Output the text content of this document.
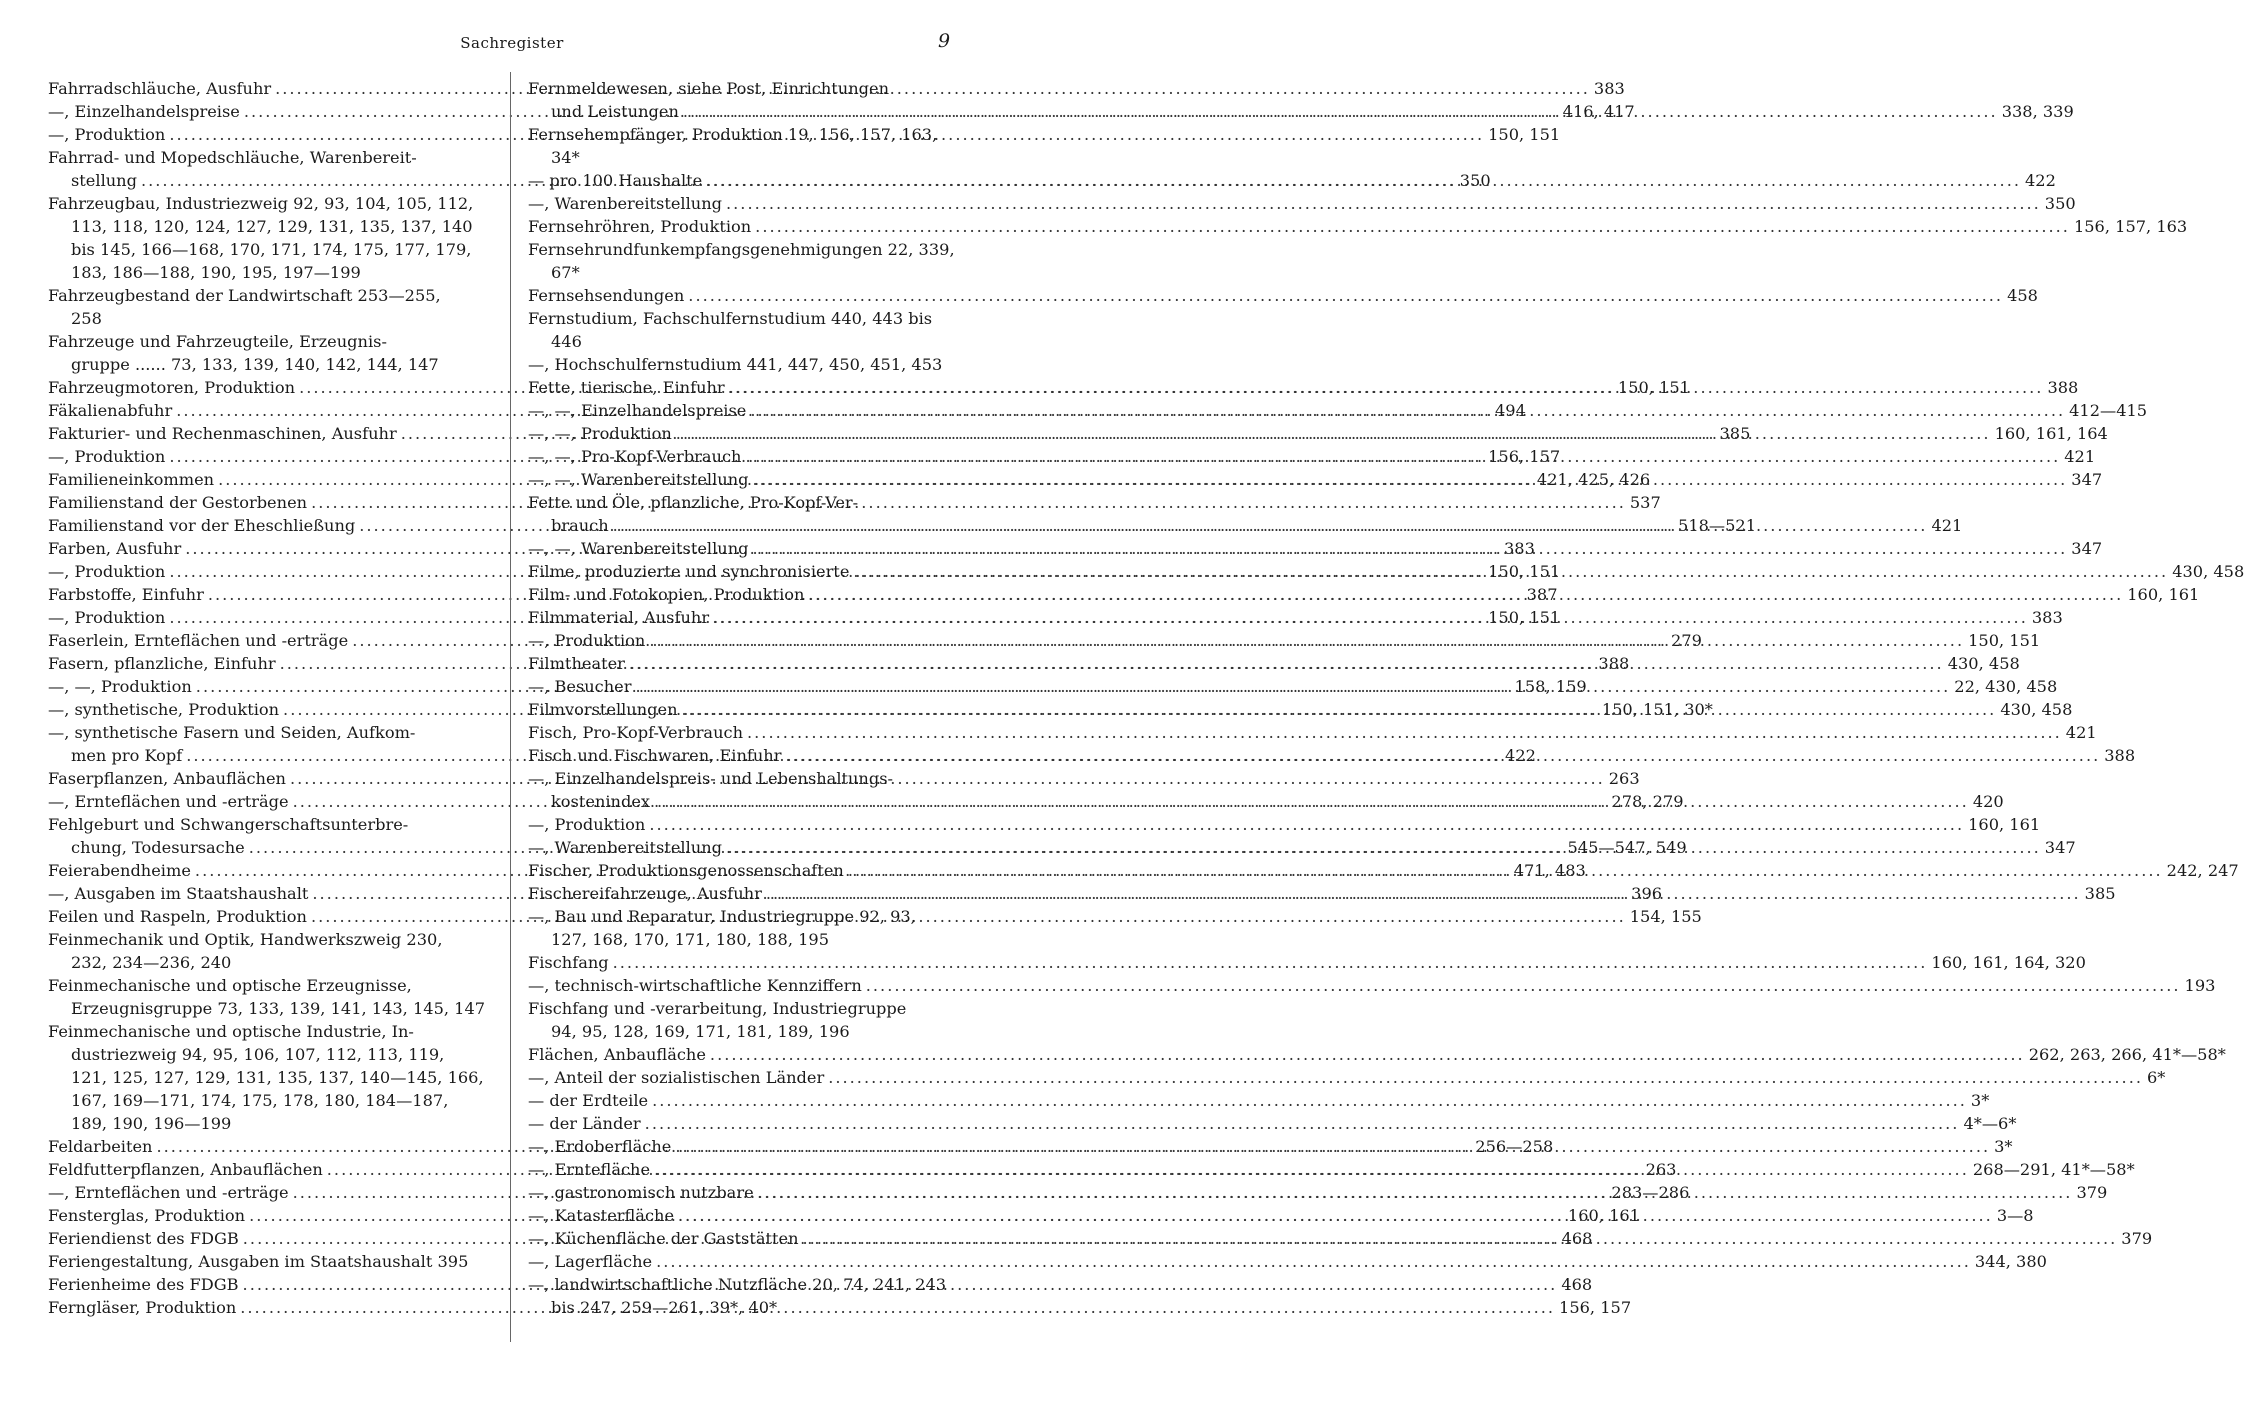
Sachregister	9
Fahrradschläuche, Ausfuhr .....	383
—, Einzelhandelspreise .....	416, 417
—, Produktion .....	150, 151
Fahrrad- und Mopedschläuche, Warenbereit-
stellung .....	350
Fahrzeugbau, Industriezweig 92, 93, 104, 105, 112,
113, 118, 120, 124, 127, 129, 131, 135, 137, 140
bis 145, 166—168, 170, 171, 174, 175, 177, 179,
183, 186—188, 190, 195, 197—199
Fahrzeugbestand der Landwirtschaft 253—255,
258
Fahrzeuge und Fahrzeugteile, Erzeugnis-
gruppe ...... 73, 133, 139, 140, 142, 144, 147
Fahrzeugmotoren, Produktion .....	150, 151
Fäkalienabfuhr .....	494
Fakturier- und Rechenmaschinen, Ausfuhr .....	385
—, Produktion .....	156, 157
Familieneinkommen .....	421, 425, 426
Familienstand der Gestorbenen .....	537
Familienstand vor der Eheschließung .....	518—521
Farben, Ausfuhr .....	383
—, Produktion .....	150, 151
Farbstoffe, Einfuhr .....	387
—, Produktion .....	150, 151
Faserlein, Ernteflächen und -erträge .....	279
Fasern, pflanzliche, Einfuhr .....	388
—, —, Produktion .....	158, 159
—, synthetische, Produktion .....	150, 151, 30*
—, synthetische Fasern und Seiden, Aufkom-
men pro Kopf .....	422
Faserpflanzen, Anbauflächen .....	263
—, Ernteflächen und -erträge .....	278, 279
Fehlgeburt und Schwangerschaftsunterbre-
chung, Todesursache .....	545—547, 549
Feierabendheime .....	471, 483
—, Ausgaben im Staatshaushalt .....	396
Feilen und Raspeln, Produktion .....	154, 155
Feinmechanik und Optik, Handwerkszweig 230,
232, 234—236, 240
Feinmechanische und optische Erzeugnisse,
Erzeugnisgruppe 73, 133, 139, 141, 143, 145, 147
Feinmechanische und optische Industrie, In-
dustriezweig 94, 95, 106, 107, 112, 113, 119,
121, 125, 127, 129, 131, 135, 137, 140—145, 166,
167, 169—171, 174, 175, 178, 180, 184—187,
189, 190, 196—199
Feldarbeiten .....	256—258
Feldfutterpflanzen, Anbauflächen .....	263
—, Ernteflächen und -erträge .....	283—286
Fensterglas, Produktion .....	160, 161
Feriendienst des FDGB .....	468
Feriengestaltung, Ausgaben im Staatshaushalt 395
Ferienheime des FDGB .....	468
Ferngläser, Produktion .....	156, 157
Fernmeldewesen, siehe Post, Einrichtungen
und Leistungen .....	338, 339
Fernsehempfänger, Produktion 19, 156, 157, 163,
34*
— pro 100 Haushalte .....	422
—, Warenbereitstellung .....	350
Fernsehröhren, Produktion .....	156, 157, 163
Fernsehrundfunkempfangsgenehmigungen 22, 339,
67*
Fernsehsendungen .....	458
Fernstudium, Fachschulfernstudium 440, 443 bis
446
—, Hochschulfernstudium 441, 447, 450, 451, 453
Fette, tierische, Einfuhr .....	388
—, —, Einzelhandelspreise .....	412—415
—, —, Produktion .....	160, 161, 164
—, —, Pro-Kopf-Verbrauch .....	421
—, —, Warenbereitstellung .....	347
Fette und Öle, pflanzliche, Pro-Kopf-Ver-
brauch .....	421
—, —, Warenbereitstellung .....	347
Filme, produzierte und synchronisierte .....	430, 458
Film- und Fotokopien, Produktion .....	160, 161
Filmmaterial, Ausfuhr .....	383
—, Produktion .....	150, 151
Filmtheater .....	430, 458
—, Besucher .....	22, 430, 458
Filmvorstellungen .....	430, 458
Fisch, Pro-Kopf-Verbrauch .....	421
Fisch und Fischwaren, Einfuhr .....	388
—, Einzelhandelspreis- und Lebenshaltungs-
kostenindex .....	420
—, Produktion .....	160, 161
—, Warenbereitstellung .....	347
Fischer, Produktionsgenossenschaften .....	242, 247
Fischereifahrzeuge, Ausfuhr .....	385
—, Bau und Reparatur, Industriegruppe 92, 93,
127, 168, 170, 171, 180, 188, 195
Fischfang .....	160, 161, 164, 320
—, technisch-wirtschaftliche Kennziffern .....	193
Fischfang und -verarbeitung, Industriegruppe
94, 95, 128, 169, 171, 181, 189, 196
Flächen, Anbaufläche .....	262, 263, 266, 41*—58*
—, Anteil der sozialistischen Länder .....	6*
— der Erdteile .....	3*
— der Länder .....	4*—6*
—, Erdoberfläche .....	3*
—, Erntefläche .....	268—291, 41*—58*
—, gastronomisch nutzbare .....	379
—, Katasterfläche .....	3—8
—, Küchenfläche der Gaststätten .....	379
—, Lagerfläche .....	344, 380
—, landwirtschaftliche Nutzfläche 20, 74, 241, 243
bis 247, 259—261, 39*, 40*
